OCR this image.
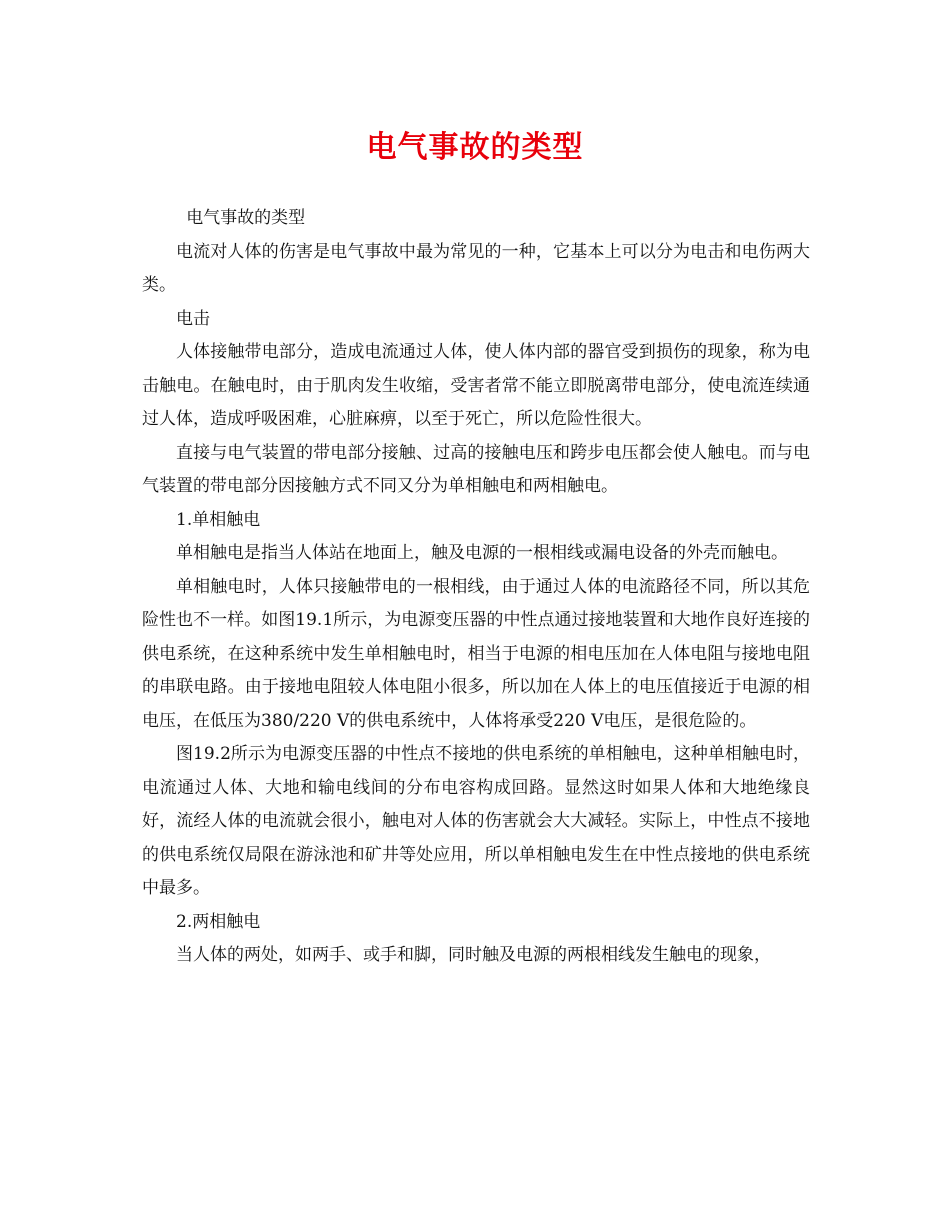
电气事故的类型

电气事故的类型

电流对人体的伤害是电气事故中最为常见的一种，它基本上可以分为电击和电伤两大类。

电击

人体接触带电部分，造成电流通过人体，使人体内部的器官受到损伤的现象，称为电击触电。在触电时，由于肌肉发生收缩，受害者常不能立即脱离带电部分，使电流连续通过人体，造成呼吸困难，心脏麻痹，以至于死亡，所以危险性很大。

直接与电气装置的带电部分接触、过高的接触电压和跨步电压都会使人触电。而与电气装置的带电部分因接触方式不同又分为单相触电和两相触电。

1.单相触电

单相触电是指当人体站在地面上，触及电源的一根相线或漏电设备的外壳而触电。

单相触电时，人体只接触带电的一根相线，由于通过人体的电流路径不同，所以其危险性也不一样。如图19.1所示，为电源变压器的中性点通过接地装置和大地作良好连接的供电系统，在这种系统中发生单相触电时，相当于电源的相电压加在人体电阻与接地电阻的串联电路。由于接地电阻较人体电阻小很多，所以加在人体上的电压值接近于电源的相电压，在低压为380/220 V的供电系统中，人体将承受220 V电压，是很危险的。

图19.2所示为电源变压器的中性点不接地的供电系统的单相触电，这种单相触电时，电流通过人体、大地和输电线间的分布电容构成回路。显然这时如果人体和大地绝缘良好，流经人体的电流就会很小，触电对人体的伤害就会大大减轻。实际上，中性点不接地的供电系统仅局限在游泳池和矿井等处应用，所以单相触电发生在中性点接地的供电系统中最多。

2.两相触电

当人体的两处，如两手、或手和脚，同时触及电源的两根相线发生触电的现象，
